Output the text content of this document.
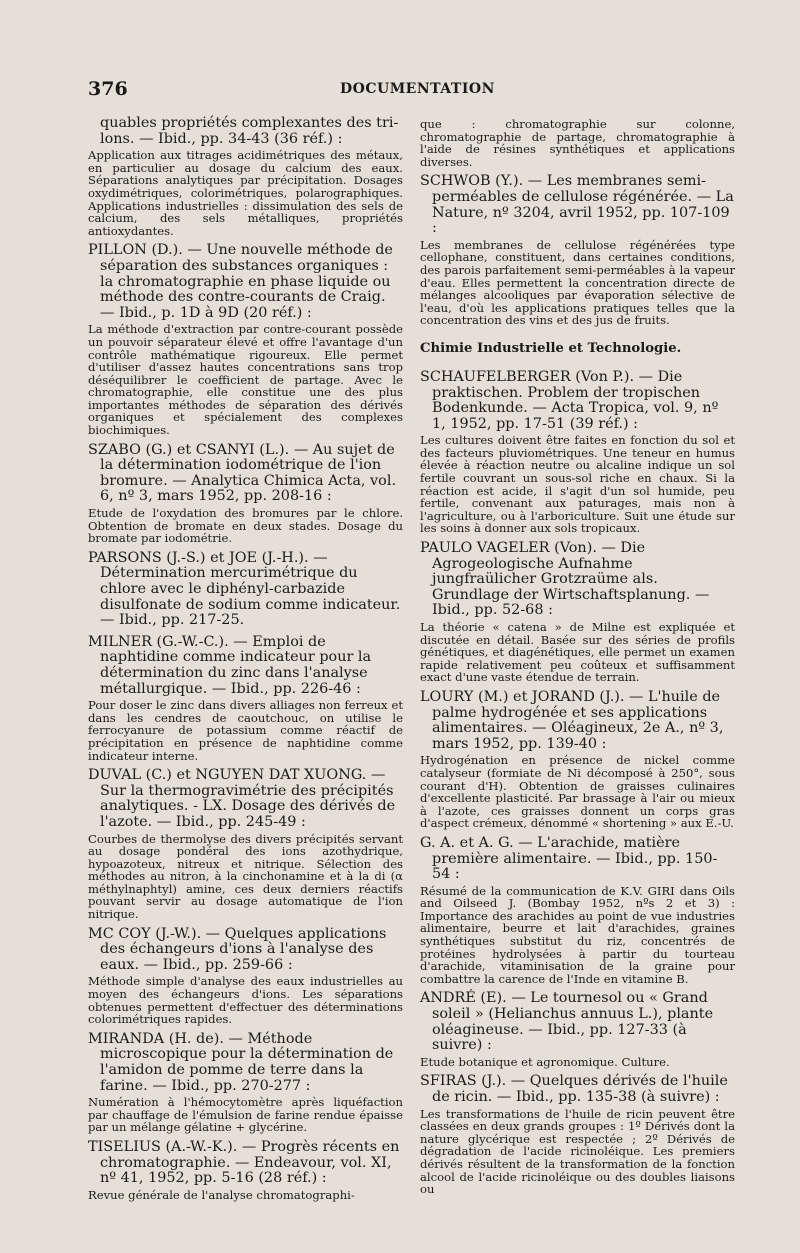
376	DOCUMENTATION

quables propriétés complexantes des tri- lons. — Ibid., pp. 34-43 (36 réf.) :

Application aux titrages acidimétriques des métaux, en particulier au dosage du calcium des eaux. Séparations analytiques par précipitation. Dosages oxydimétriques, colorimétriques, polarographiques. Applications industrielles : dissimulation des sels de calcium, des sels métalliques, propriétés antioxydantes.

PILLON (D.). — Une nouvelle méthode de séparation des substances organiques : la chromatographie en phase liquide ou méthode des contre-courants de Craig. — Ibid., p. 1D à 9D (20 réf.) :

La méthode d'extraction par contre-courant possède un pouvoir séparateur élevé et offre l'avantage d'un contrôle mathématique rigoureux. Elle permet d'utiliser d'assez hautes concentrations sans trop déséquilibrer le coefficient de partage. Avec le chromatographie, elle constitue une des plus importantes méthodes de séparation des dérivés organiques et spécialement des complexes biochimiques.

SZABO (G.) et CSANYI (L.). — Au sujet de la détermination iodométrique de l'ion bromure. — Analytica Chimica Acta, vol. 6, nº 3, mars 1952, pp. 208-16 :

Etude de l'oxydation des bromures par le chlore. Obtention de bromate en deux stades. Dosage du bromate par iodométrie.

PARSONS (J.-S.) et JOE (J.-H.). — Détermination mercurimétrique du chlore avec le diphényl-carbazide disulfonate de sodium comme indicateur. — Ibid., pp. 217-25.

MILNER (G.-W.-C.). — Emploi de naphtidine comme indicateur pour la détermination du zinc dans l'analyse métallurgique. — Ibid., pp. 226-46 :

Pour doser le zinc dans divers alliages non ferreux et dans les cendres de caoutchouc, on utilise le ferrocyanure de potassium comme réactif de précipitation en présence de naphtidine comme indicateur interne.

DUVAL (C.) et NGUYEN DAT XUONG. — Sur la thermogravimétrie des précipités analytiques. - LX. Dosage des dérivés de l'azote. — Ibid., pp. 245-49 :

Courbes de thermolyse des divers précipités servant au dosage pondéral des ions azothydrique, hypoazoteux, nitreux et nitrique. Sélection des méthodes au nitron, à la cinchonamine et à la di (α méthylnaphtyl) amine, ces deux derniers réactifs pouvant servir au dosage automatique de l'ion nitrique.

MC COY (J.-W.). — Quelques applications des échangeurs d'ions à l'analyse des eaux. — Ibid., pp. 259-66 :

Méthode simple d'analyse des eaux industrielles au moyen des échangeurs d'ions. Les séparations obtenues permettent d'effectuer des déterminations colorimétriques rapides.

MIRANDA (H. de). — Méthode microscopique pour la détermination de l'amidon de pomme de terre dans la farine. — Ibid., pp. 270-277 :

Numération à l'hémocytomètre après liquéfaction par chauffage de l'émulsion de farine rendue épaisse par un mélange gélatine + glycérine.

TISELIUS (A.-W.-K.). — Progrès récents en chromatographie. — Endeavour, vol. XI, nº 41, 1952, pp. 5-16 (28 réf.) :

Revue générale de l'analyse chromatographi-

que : chromatographie sur colonne, chromatographie de partage, chromatographie à l'aide de résines synthétiques et applications diverses.

SCHWOB (Y.). — Les membranes semi-perméables de cellulose régénérée. — La Nature, nº 3204, avril 1952, pp. 107-109 :

Les membranes de cellulose régénérées type cellophane, constituent, dans certaines conditions, des parois parfaitement semi-perméables à la vapeur d'eau. Elles permettent la concentration directe de mélanges alcooliques par évaporation sélective de l'eau, d'où les applications pratiques telles que la concentration des vins et des jus de fruits.

Chimie Industrielle et Technologie.

SCHAUFELBERGER (Von P.). — Die praktischen. Problem der tropischen Bodenkunde. — Acta Tropica, vol. 9, nº 1, 1952, pp. 17-51 (39 réf.) :

Les cultures doivent être faites en fonction du sol et des facteurs pluviométriques. Une teneur en humus élevée à réaction neutre ou alcaline indique un sol fertile couvrant un sous-sol riche en chaux. Si la réaction est acide, il s'agit d'un sol humide, peu fertile, convenant aux paturages, mais non à l'agriculture, ou à l'arboriculture. Suit une étude sur les soins à donner aux sols tropicaux.

PAULO VAGELER (Von). — Die Agrogeologische Aufnahme jungfraülicher Grotzraüme als. Grundlage der Wirtschaftsplanung. — Ibid., pp. 52-68 :

La théorie « catena » de Milne est expliquée et discutée en détail. Basée sur des séries de profils génétiques, et diagénétiques, elle permet un examen rapide relativement peu coûteux et suffisamment exact d'une vaste étendue de terrain.

LOURY (M.) et JORAND (J.). — L'huile de palme hydrogénée et ses applications alimentaires. — Oléagineux, 2e A., nº 3, mars 1952, pp. 139-40 :

Hydrogénation en présence de nickel comme catalyseur (formiate de Ni décomposé à 250°, sous courant d'H). Obtention de graisses culinaires d'excellente plasticité. Par brassage à l'air ou mieux à l'azote, ces graisses donnent un corps gras d'aspect crémeux, dénommé « shortening » aux E.-U.

G. A. et A. G. — L'arachide, matière première alimentaire. — Ibid., pp. 150-54 :

Résumé de la communication de K.V. GIRI dans Oils and Oilseed J. (Bombay 1952, nºs 2 et 3) : Importance des arachides au point de vue industries alimentaire, beurre et lait d'arachides, graines synthétiques substitut du riz, concentrés de protéines hydrolysées à partir du tourteau d'arachide, vitaminisation de la graine pour combattre la carence de l'Inde en vitamine B.

ANDRÉ (E). — Le tournesol ou « Grand soleil » (Helianchus annuus L.), plante oléagineuse. — Ibid., pp. 127-33 (à suivre) :

Etude botanique et agronomique. Culture.

SFIRAS (J.). — Quelques dérivés de l'huile de ricin. — Ibid., pp. 135-38 (à suivre) :

Les transformations de l'huile de ricin peuvent être classées en deux grands groupes : 1º Dérivés dont la nature glycérique est respectée ; 2º Dérivés de dégradation de l'acide ricinoléique. Les premiers dérivés résultent de la transformation de la fonction alcool de l'acide ricinoléique ou des doubles liaisons ou
